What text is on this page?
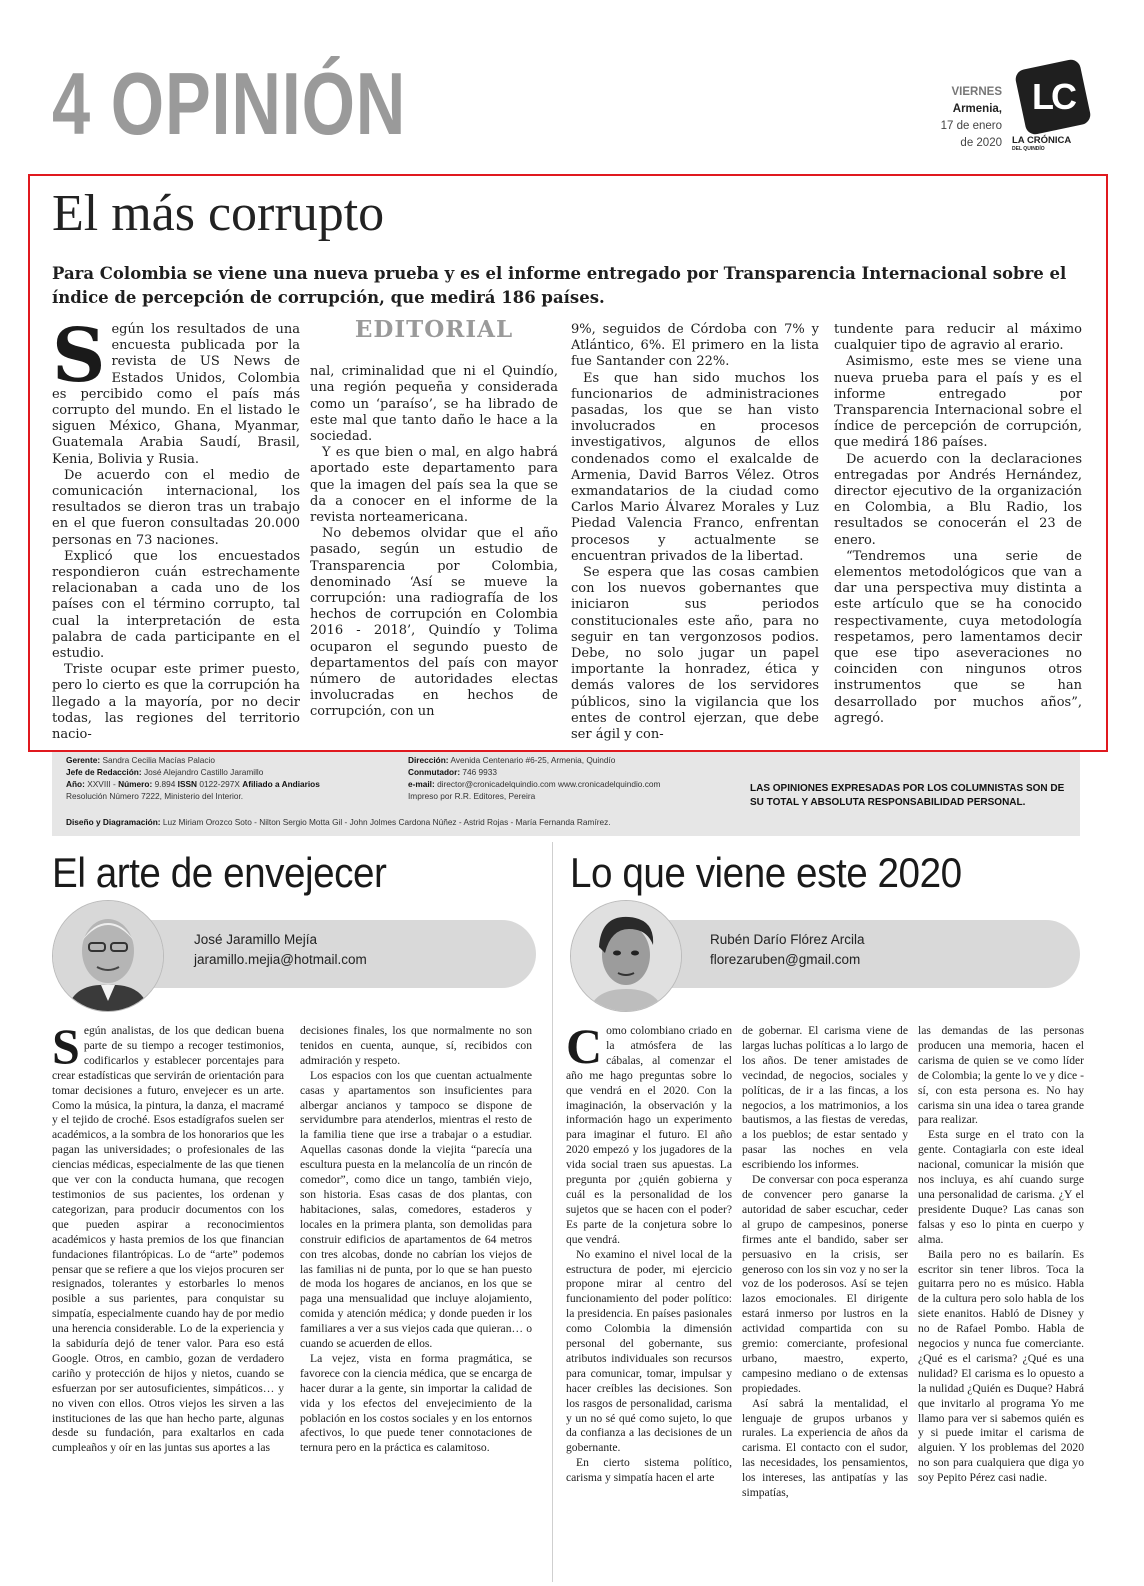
4 OPINIÓN	VIERNES
Armenia,
17 de enero
de 2020
LC
LA CRÓNICA
DEL QUINDÍO
El más corrupto
Para Colombia se viene una nueva prueba y es el informe entregado por Transparencia Internacional sobre el índice de percepción de corrupción, que medirá 186 países.

Según los resultados de una encuesta publicada por la revista de US News de Estados Unidos, Colombia es percibido como el país más corrupto del mundo. En el listado le siguen México, Ghana, Myanmar, Guatemala Arabia Saudí, Brasil, Kenia, Bolivia y Rusia.

De acuerdo con el medio de comunicación internacional, los resultados se dieron tras un trabajo en el que fueron consultadas 20.000 personas en 73 naciones.

Explicó que los encuestados respondieron cuán estrechamente relacionaban a cada uno de los países con el término corrupto, tal cual la interpretación de esta palabra de cada participante en el estudio.

Triste ocupar este primer puesto, pero lo cierto es que la corrupción ha llegado a la mayoría, por no decir todas, las regiones del territorio nacio-

EDITORIAL

nal, criminalidad que ni el Quindío, una región pequeña y considerada como un ‘paraíso’, se ha librado de este mal que tanto daño le hace a la sociedad.

Y es que bien o mal, en algo habrá aportado este departamento para que la imagen del país sea la que se da a conocer en el informe de la revista norteamericana.

No debemos olvidar que el año pasado, según un estudio de Transparencia por Colombia, denominado ‘Así se mueve la corrupción: una radiografía de los hechos de corrupción en Colombia 2016 - 2018’, Quindío y Tolima ocuparon el segundo puesto de departamentos del país con mayor número de autoridades electas involucradas en hechos de corrupción, con un

9%, seguidos de Córdoba con 7% y Atlántico, 6%. El primero en la lista fue Santander con 22%.

Es que han sido muchos los funcionarios de administraciones pasadas, los que se han visto involucrados en procesos investigativos, algunos de ellos condenados como el exalcalde de Armenia, David Barros Vélez. Otros exmandatarios de la ciudad como Carlos Mario Álvarez Morales y Luz Piedad Valencia Franco, enfrentan procesos y actualmente se encuentran privados de la libertad.

Se espera que las cosas cambien con los nuevos gobernantes que iniciaron sus periodos constitucionales este año, para no seguir en tan vergonzosos podios. Debe, no solo jugar un papel importante la honradez, ética y demás valores de los servidores públicos, sino la vigilancia que los entes de control ejerzan, que debe ser ágil y con-

tundente para reducir al máximo cualquier tipo de agravio al erario.

Asimismo, este mes se viene una nueva prueba para el país y es el informe entregado por Transparencia Internacional sobre el índice de percepción de corrupción, que medirá 186 países.

De acuerdo con la declaraciones entregadas por Andrés Hernández, director ejecutivo de la organización en Colombia, a Blu Radio, los resultados se conocerán el 23 de enero.

“Tendremos una serie de elementos metodológicos que van a dar una perspectiva muy distinta a este artículo que se ha conocido respectivamente, cuya metodología respetamos, pero lamentamos decir que ese tipo aseveraciones no coinciden con ningunos otros instrumentos que se han desarrollado por muchos años”, agregó.

Gerente: Sandra Cecilia Macías Palacio
Jefe de Redacción: José Alejandro Castillo Jaramillo
Año: XXVIII - Número: 9.894 ISSN 0122-297X Afiliado a Andiarios
Resolución Número 7222, Ministerio del Interior.
Dirección: Avenida Centenario #6-25, Armenia, Quindío
Conmutador: 746 9933
e-mail: director@cronicadelquindio.com www.cronicadelquindio.com
Impreso por R.R. Editores, Pereira
Diseño y Diagramación: Luz Miriam Orozco Soto - Nilton Sergio Motta Gil - John Jolmes Cardona Núñez - Astrid Rojas - María Fernanda Ramírez.
LAS OPINIONES EXPRESADAS POR LOS COLUMNISTAS SON DE SU TOTAL Y ABSOLUTA RESPONSABILIDAD PERSONAL.
El arte de envejecer
José Jaramillo Mejía
jaramillo.mejia@hotmail.com

Según analistas, de los que dedican buena parte de su tiempo a recoger testimonios, codificarlos y establecer porcentajes para crear estadísticas que servirán de orientación para tomar decisiones a futuro, envejecer es un arte. Como la música, la pintura, la danza, el macramé y el tejido de croché. Esos estadígrafos suelen ser académicos, a la sombra de los honorarios que les pagan las universidades; o profesionales de las ciencias médicas, especialmente de las que tienen que ver con la conducta humana, que recogen testimonios de sus pacientes, los ordenan y categorizan, para producir documentos con los que pueden aspirar a reconocimientos académicos y hasta premios de los que financian fundaciones filantrópicas. Lo de “arte” podemos pensar que se refiere a que los viejos procuren ser resignados, tolerantes y estorbarles lo menos posible a sus parientes, para conquistar su simpatía, especialmente cuando hay de por medio una herencia considerable. Lo de la experiencia y la sabiduría dejó de tener valor. Para eso está Google. Otros, en cambio, gozan de verdadero cariño y protección de hijos y nietos, cuando se esfuerzan por ser autosuficientes, simpáticos… y no viven con ellos. Otros viejos les sirven a las instituciones de las que han hecho parte, algunas desde su fundación, para exaltarlos en cada cumpleaños y oír en las juntas sus aportes a las

decisiones finales, los que normalmente no son tenidos en cuenta, aunque, sí, recibidos con admiración y respeto.

Los espacios con los que cuentan actualmente casas y apartamentos son insuficientes para albergar ancianos y tampoco se dispone de servidumbre para atenderlos, mientras el resto de la familia tiene que irse a trabajar o a estudiar. Aquellas casonas donde la viejita “parecía una escultura puesta en la melancolía de un rincón de comedor”, como dice un tango, también viejo, son historia. Esas casas de dos plantas, con habitaciones, salas, comedores, estaderos y locales en la primera planta, son demolidas para construir edificios de apartamentos de 64 metros con tres alcobas, donde no cabrían los viejos de las familias ni de punta, por lo que se han puesto de moda los hogares de ancianos, en los que se paga una mensualidad que incluye alojamiento, comida y atención médica; y donde pueden ir los familiares a ver a sus viejos cada que quieran… o cuando se acuerden de ellos.

La vejez, vista en forma pragmática, se favorece con la ciencia médica, que se encarga de hacer durar a la gente, sin importar la calidad de vida y los efectos del envejecimiento de la población en los costos sociales y en los entornos afectivos, lo que puede tener connotaciones de ternura pero en la práctica es calamitoso.

Lo que viene este 2020
Rubén Darío Flórez Arcila
florezaruben@gmail.com

Como colombiano criado en la atmósfera de las cábalas, al comenzar el año me hago preguntas sobre lo que vendrá en el 2020. Con la imaginación, la observación y la información hago un experimento para imaginar el futuro. El año 2020 empezó y los jugadores de la vida social traen sus apuestas. La pregunta por ¿quién gobierna y cuál es la personalidad de los sujetos que se hacen con el poder? Es parte de la conjetura sobre lo que vendrá.

No examino el nivel local de la estructura de poder, mi ejercicio propone mirar al centro del funcionamiento del poder político: la presidencia. En países pasionales como Colombia la dimensión personal del gobernante, sus atributos individuales son recursos para comunicar, tomar, impulsar y hacer creíbles las decisiones. Son los rasgos de personalidad, carisma y un no sé qué como sujeto, lo que da confianza a las decisiones de un gobernante.

En cierto sistema político, carisma y simpatía hacen el arte

de gobernar. El carisma viene de largas luchas políticas a lo largo de los años. De tener amistades de vecindad, de negocios, sociales y políticas, de ir a las fincas, a los negocios, a los matrimonios, a los bautismos, a las fiestas de veredas, a los pueblos; de estar sentado y pasar las noches en vela escribiendo los informes.

De conversar con poca esperanza de convencer pero ganarse la autoridad de saber escuchar, ceder al grupo de campesinos, ponerse firmes ante el bandido, saber ser persuasivo en la crisis, ser generoso con los sin voz y no ser la voz de los poderosos. Así se tejen lazos emocionales. El dirigente estará inmerso por lustros en la actividad compartida con su gremio: comerciante, profesional urbano, maestro, experto, campesino mediano o de extensas propiedades.

Así sabrá la mentalidad, el lenguaje de grupos urbanos y rurales. La experiencia de años da carisma. El contacto con el sudor, las necesidades, los pensamientos, los intereses, las antipatías y las simpatías,

las demandas de las personas producen una memoria, hacen el carisma de quien se ve como líder de Colombia; la gente lo ve y dice - sí, con esta persona es. No hay carisma sin una idea o tarea grande para realizar.

Esta surge en el trato con la gente. Contagiarla con este ideal nacional, comunicar la misión que nos incluya, es ahí cuando surge una personalidad de carisma. ¿Y el presidente Duque? Las canas son falsas y eso lo pinta en cuerpo y alma.

Baila pero no es bailarín. Es escritor sin tener libros. Toca la guitarra pero no es músico. Habla de la cultura pero solo habla de los siete enanitos. Habló de Disney y no de Rafael Pombo. Habla de negocios y nunca fue comerciante. ¿Qué es el carisma? ¿Qué es una nulidad? El carisma es lo opuesto a la nulidad ¿Quién es Duque? Habrá que invitarlo al programa Yo me llamo para ver si sabemos quién es y si puede imitar el carisma de alguien. Y los problemas del 2020 no son para cualquiera que diga yo soy Pepito Pérez casi nadie.
